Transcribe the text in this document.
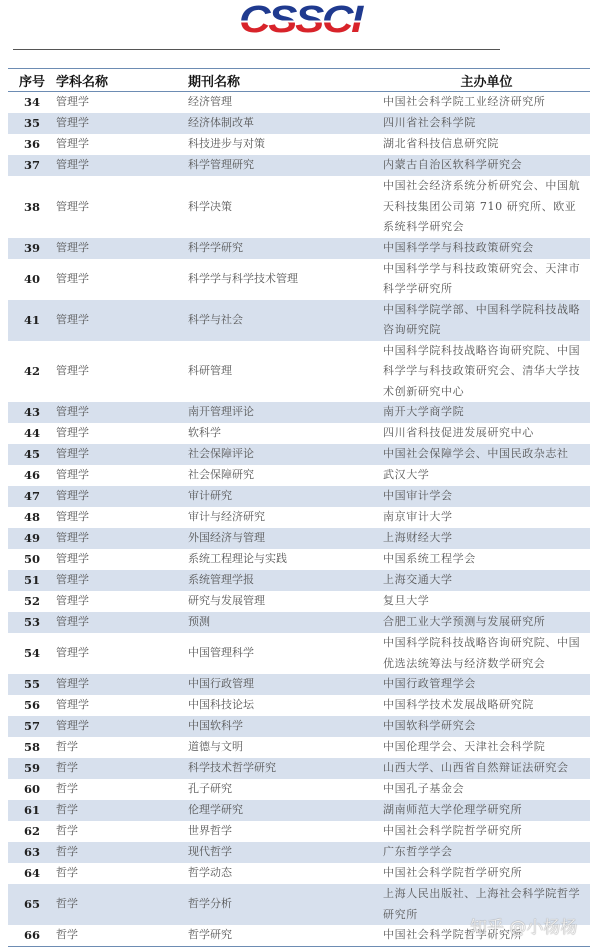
CSSCI
序号	学科名称	期刊名称	主办单位
34	管理学	经济管理	中国社会科学院工业经济研究所
35	管理学	经济体制改革	四川省社会科学院
36	管理学	科技进步与对策	湖北省科技信息研究院
37	管理学	科学管理研究	内蒙古自治区软科学研究会
38	管理学	科学决策	中国社会经济系统分析研究会、中国航天科技集团公司第 710 研究所、欧亚系统科学研究会
39	管理学	科学学研究	中国科学学与科技政策研究会
40	管理学	科学学与科学技术管理	中国科学学与科技政策研究会、天津市科学学研究所
41	管理学	科学与社会	中国科学院学部、中国科学院科技战略咨询研究院
42	管理学	科研管理	中国科学院科技战略咨询研究院、中国科学学与科技政策研究会、清华大学技术创新研究中心
43	管理学	南开管理评论	南开大学商学院
44	管理学	软科学	四川省科技促进发展研究中心
45	管理学	社会保障评论	中国社会保障学会、中国民政杂志社
46	管理学	社会保障研究	武汉大学
47	管理学	审计研究	中国审计学会
48	管理学	审计与经济研究	南京审计大学
49	管理学	外国经济与管理	上海财经大学
50	管理学	系统工程理论与实践	中国系统工程学会
51	管理学	系统管理学报	上海交通大学
52	管理学	研究与发展管理	复旦大学
53	管理学	预测	合肥工业大学预测与发展研究所
54	管理学	中国管理科学	中国科学院科技战略咨询研究院、中国优选法统筹法与经济数学研究会
55	管理学	中国行政管理	中国行政管理学会
56	管理学	中国科技论坛	中国科学技术发展战略研究院
57	管理学	中国软科学	中国软科学研究会
58	哲学	道德与文明	中国伦理学会、天津社会科学院
59	哲学	科学技术哲学研究	山西大学、山西省自然辩证法研究会
60	哲学	孔子研究	中国孔子基金会
61	哲学	伦理学研究	湖南师范大学伦理学研究所
62	哲学	世界哲学	中国社会科学院哲学研究所
63	哲学	现代哲学	广东哲学学会
64	哲学	哲学动态	中国社会科学院哲学研究所
65	哲学	哲学分析	上海人民出版社、上海社会科学院哲学研究所
66	哲学	哲学研究	中国社会科学院哲学研究所
知乎 @小杨杨
